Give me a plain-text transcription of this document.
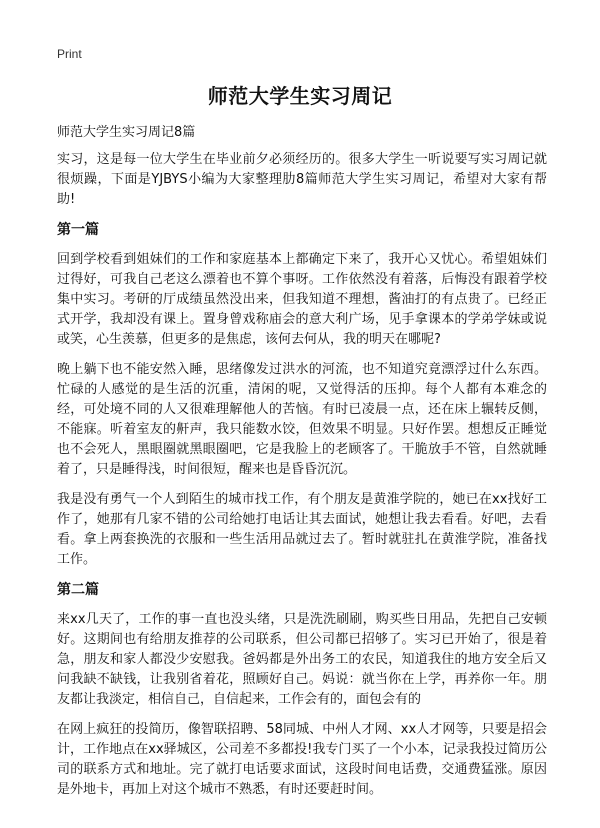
Print
师范大学生实习周记

师范大学生实习周记8篇

实习，这是每一位大学生在毕业前夕必须经历的。很多大学生一听说要写实习周记就很烦躁，下面是YJBYS小编为大家整理肋8篇师范大学生实习周记，希望对大家有帮助!

第一篇

回到学校看到姐妹们的工作和家庭基本上都确定下来了，我开心又忧心。希望姐妹们过得好，可我自己老这么漂着也不算个事呀。工作依然没有着落，后悔没有跟着学校集中实习。考研的厅成绩虽然没出来，但我知道不理想，酱油打的有点贵了。已经正式开学，我却没有课上。置身曾戏称庙会的意大利广场，见手拿课本的学弟学妹或说或笑，心生羡慕，但更多的是焦虑，该何去何从，我的明天在哪呢?

晚上躺下也不能安然入睡，思绪像发过洪水的河流，也不知道究竟漂浮过什么东西。忙碌的人感觉的是生活的沉重，清闲的呢，又觉得活的压抑。每个人都有本难念的经，可处境不同的人又很难理解他人的苦恼。有时已凌晨一点，还在床上辗转反侧，不能寐。听着室友的鼾声，我只能数水饺，但效果不明显。只好作罢。想想反正睡觉也不会死人，黑眼圈就黑眼圈吧，它是我脸上的老顾客了。干脆放手不管，自然就睡着了，只是睡得浅，时间很短，醒来也是昏昏沉沉。

我是没有勇气一个人到陌生的城市找工作，有个朋友是黄淮学院的，她已在xx找好工作了，她那有几家不错的公司给她打电话让其去面试，她想让我去看看。好吧，去看看。拿上两套换洗的衣服和一些生活用品就过去了。暂时就驻扎在黄淮学院，准备找工作。

第二篇

来xx几天了，工作的事一直也没头绪，只是洗洗刷刷，购买些日用品，先把自己安顿好。这期间也有给朋友推荐的公司联系，但公司都已招够了。实习已开始了，很是着急，朋友和家人都没少安慰我。爸妈都是外出务工的农民，知道我住的地方安全后又问我缺不缺钱，让我别省着花，照顾好自己。妈说：就当你在上学，再养你一年。朋友都让我淡定，相信自己，自信起来，工作会有的，面包会有的

在网上疯狂的投简历，像智联招聘、58同城、中州人才网、xx人才网等，只要是招会计，工作地点在xx驿城区，公司差不多都投!我专门买了一个小本，记录我投过简历公司的联系方式和地址。完了就打电话要求面试，这段时间电话费，交通费猛涨。原因是外地卡，再加上对这个城市不熟悉，有时还要赶时间。
